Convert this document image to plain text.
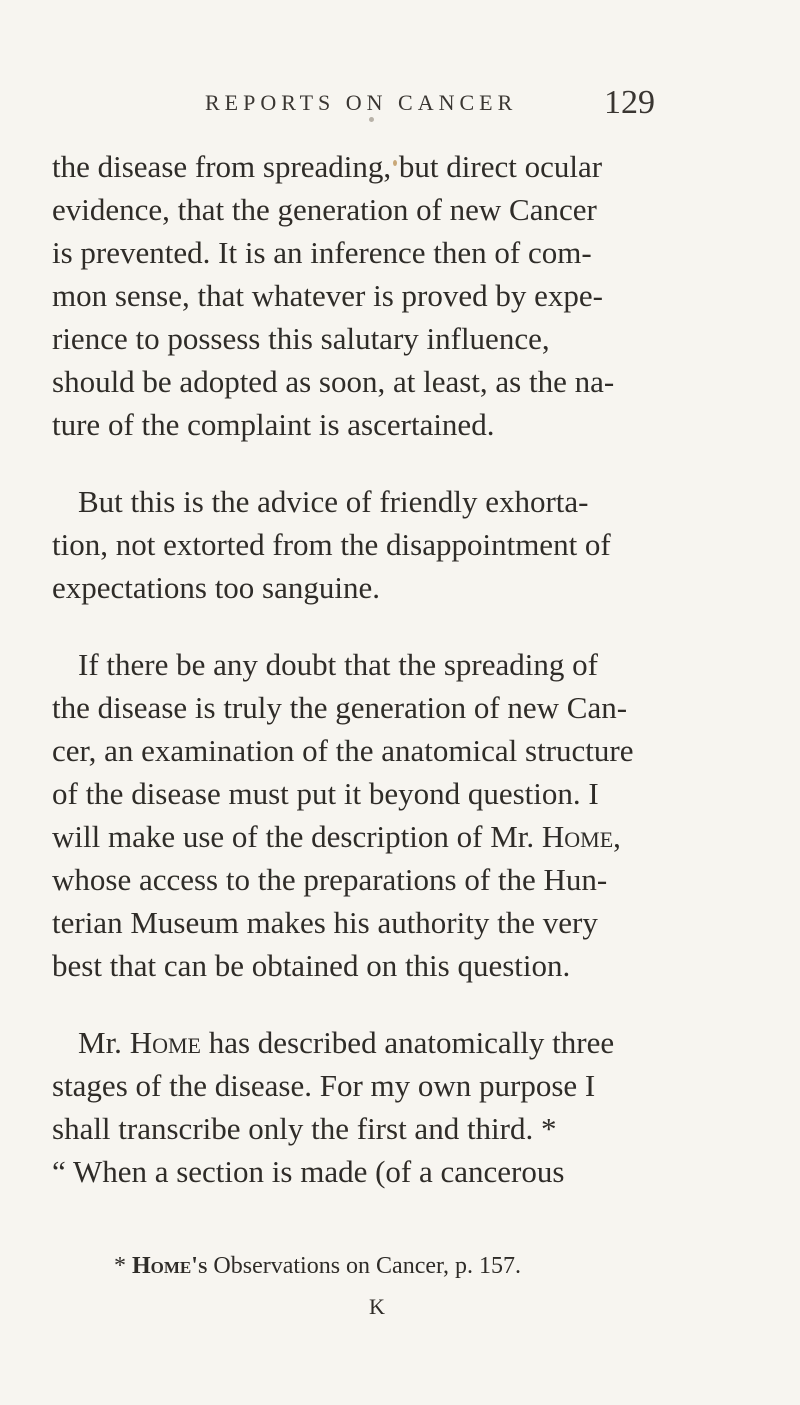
REPORTS ON CANCER	129

the disease from spreading, but direct ocular
evidence, that the generation of new Cancer
is prevented. It is an inference then of com-
mon sense, that whatever is proved by expe-
rience to possess this salutary influence,
should be adopted as soon, at least, as the na-
ture of the complaint is ascertained.

But this is the advice of friendly exhorta-
tion, not extorted from the disappointment of
expectations too sanguine.

If there be any doubt that the spreading of
the disease is truly the generation of new Can-
cer, an examination of the anatomical structure
of the disease must put it beyond question. I
will make use of the description of Mr. Home,
whose access to the preparations of the Hun-
terian Museum makes his authority the very
best that can be obtained on this question.

Mr. Home has described anatomically three
stages of the disease. For my own purpose I
shall transcribe only the first and third. *
“ When a section is made (of a cancerous

* Home's Observations on Cancer, p. 157.
K
